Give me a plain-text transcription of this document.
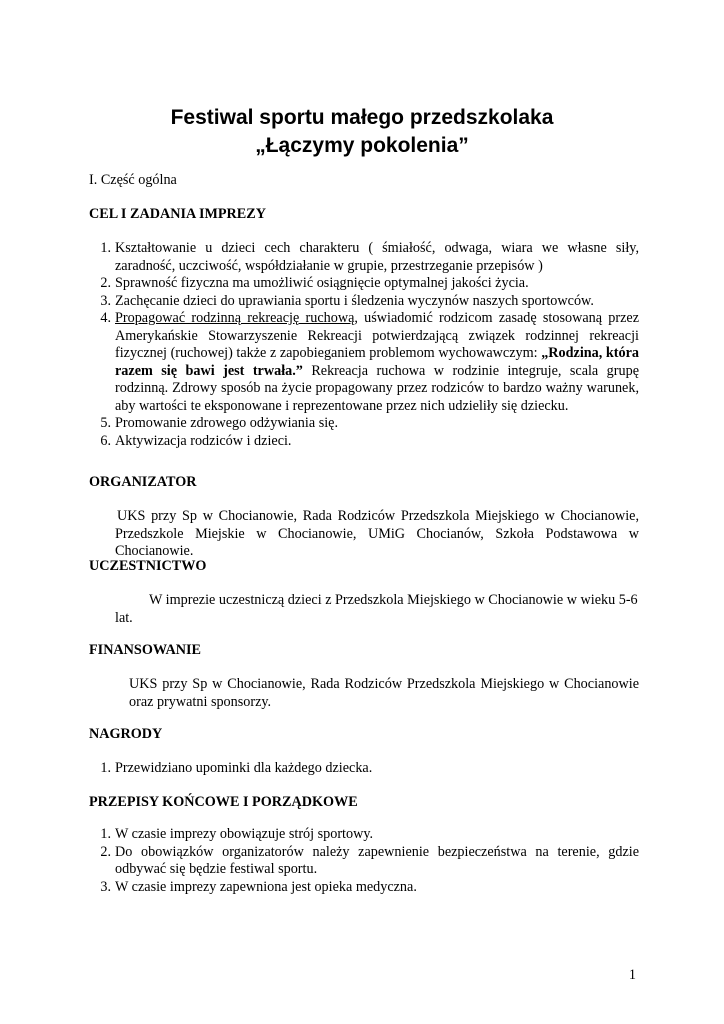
Festiwal sportu małego przedszkolaka
„Łączymy pokolenia”
I. Część ogólna
CEL I ZADANIA IMPREZY
1. Kształtowanie u dzieci cech charakteru ( śmiałość, odwaga, wiara we własne siły, zaradność, uczciwość, współdziałanie w grupie, przestrzeganie przepisów )
2. Sprawność fizyczna ma umożliwić osiągnięcie optymalnej jakości życia.
3. Zachęcanie dzieci do uprawiania sportu i śledzenia wyczynów naszych sportowców.
4. Propagować rodzinną rekreację ruchową, uświadomić rodzicom zasadę stosowaną przez Amerykańskie Stowarzyszenie Rekreacji potwierdzającą związek rodzinnej rekreacji fizycznej (ruchowej) także z zapobieganiem problemom wychowawczym: „Rodzina, która razem się bawi jest trwała.” Rekreacja ruchowa w rodzinie integruje, scala grupę rodzinną. Zdrowy sposób na życie propagowany przez rodziców to bardzo ważny warunek, aby wartości te eksponowane i reprezentowane przez nich udzieliły się dziecku.
5. Promowanie zdrowego odżywiania się.
6. Aktywizacja rodziców i dzieci.
ORGANIZATOR
UKS przy Sp w Chocianowie, Rada Rodziców Przedszkola Miejskiego w Chocianowie, Przedszkole Miejskie w Chocianowie, UMiG Chocianów, Szkoła Podstawowa w Chocianowie.
UCZESTNICTWO
W imprezie uczestniczą dzieci z Przedszkola Miejskiego w Chocianowie w wieku 5-6 lat.
FINANSOWANIE
UKS przy Sp w Chocianowie, Rada Rodziców Przedszkola Miejskiego w Chocianowie oraz prywatni sponsorzy.
NAGRODY
1. Przewidziano upominki dla każdego dziecka.
PRZEPISY KOŃCOWE I PORZĄDKOWE
1. W czasie imprezy obowiązuje strój sportowy.
2. Do obowiązków organizatorów należy zapewnienie bezpieczeństwa na terenie, gdzie odbywać się będzie festiwal sportu.
3. W czasie imprezy zapewniona jest opieka medyczna.
1
